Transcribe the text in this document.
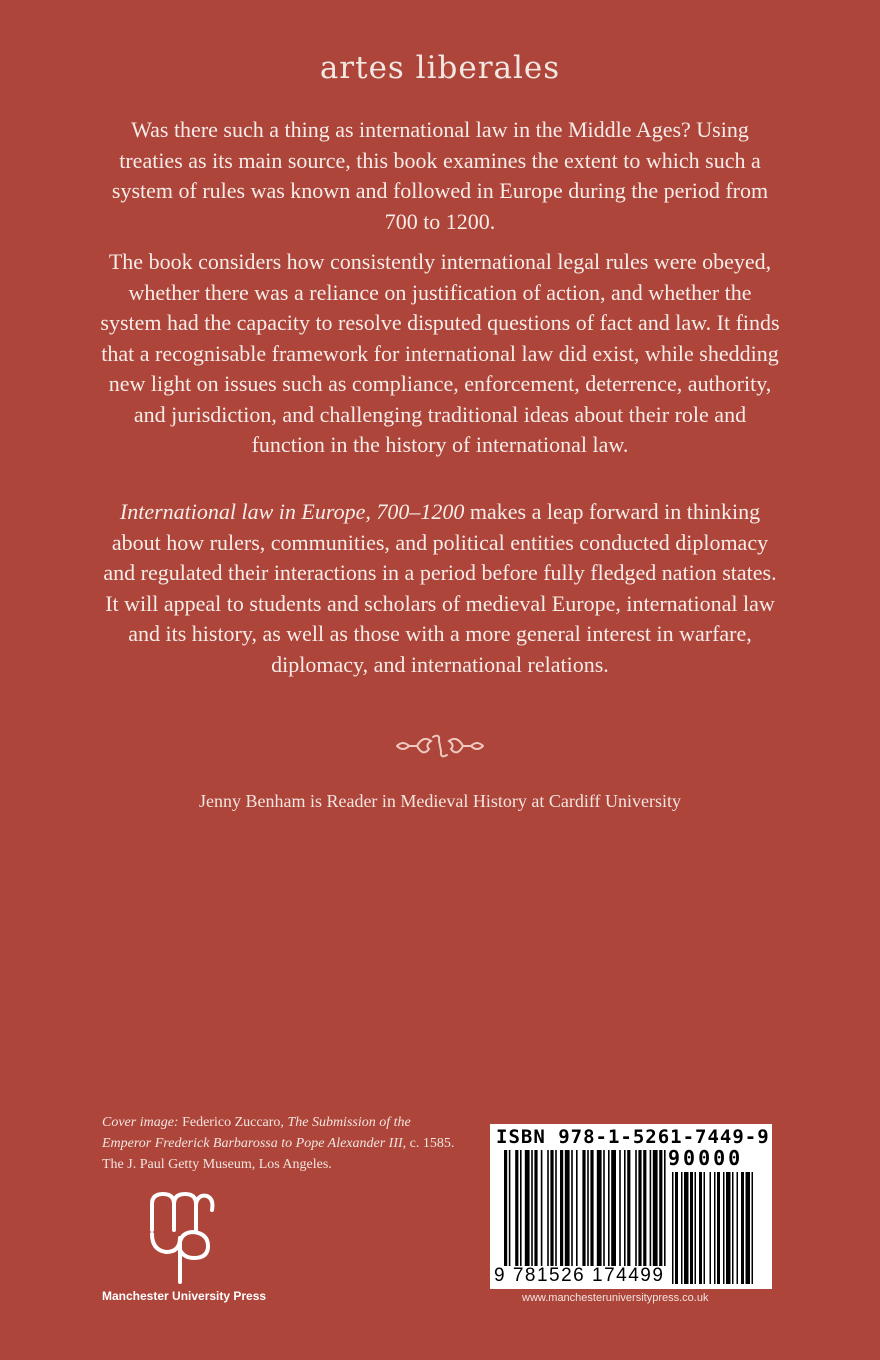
artes liberales

Was there such a thing as international law in the Middle Ages? Using treaties as its main source, this book examines the extent to which such a system of rules was known and followed in Europe during the period from 700 to 1200.

The book considers how consistently international legal rules were obeyed, whether there was a reliance on justification of action, and whether the system had the capacity to resolve disputed questions of fact and law. It finds that a recognisable framework for international law did exist, while shedding new light on issues such as compliance, enforcement, deterrence, authority, and jurisdiction, and challenging traditional ideas about their role and function in the history of international law.

International law in Europe, 700–1200 makes a leap forward in thinking about how rulers, communities, and political entities conducted diplomacy and regulated their interactions in a period before fully fledged nation states. It will appeal to students and scholars of medieval Europe, international law and its history, as well as those with a more general interest in warfare, diplomacy, and international relations.

Jenny Benham is Reader in Medieval History at Cardiff University

Cover image: Federico Zuccaro, The Submission of the Emperor Frederick Barbarossa to Pope Alexander III, c. 1585. The J. Paul Getty Museum, Los Angeles.

Manchester University Press
ISBN 978-1-5261-7449-9
90000
9 781526 174499
www.manchesteruniversitypress.co.uk
